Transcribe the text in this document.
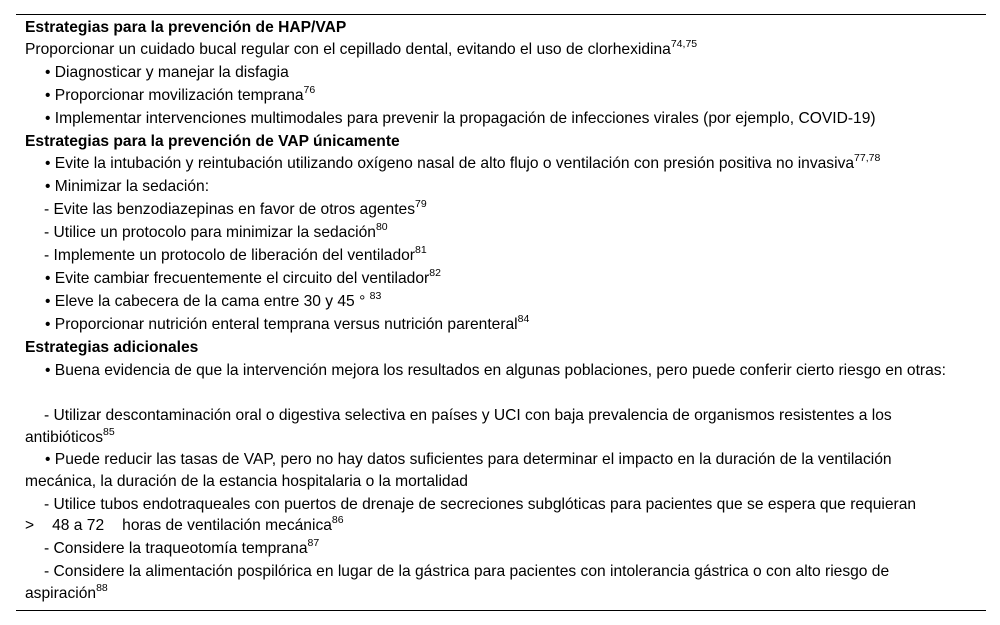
Estrategias para la prevención de HAP/VAP
Proporcionar un cuidado bucal regular con el cepillado dental, evitando el uso de clorhexidina$^{74,75}$
• Diagnosticar y manejar la disfagia
• Proporcionar movilización temprana$^{76}$
• Implementar intervenciones multimodales para prevenir la propagación de infecciones virales (por ejemplo, COVID-19)
Estrategias para la prevención de VAP únicamente
• Evite la intubación y reintubación utilizando oxígeno nasal de alto flujo o ventilación con presión positiva no invasiva$^{77,78}$
• Minimizar la sedación:
- Evite las benzodiazepinas en favor de otros agentes$^{79}$
- Utilice un protocolo para minimizar la sedación$^{80}$
- Implemente un protocolo de liberación del ventilador$^{81}$
• Evite cambiar frecuentemente el circuito del ventilador$^{82}$
• Eleve la cabecera de la cama entre 30 y 45 ° $^{83}$
• Proporcionar nutrición enteral temprana versus nutrición parenteral$^{84}$
Estrategias adicionales
• Buena evidencia de que la intervención mejora los resultados en algunas poblaciones, pero puede conferir cierto riesgo en otras:
- Utilizar descontaminación oral o digestiva selectiva en países y UCI con baja prevalencia de organismos resistentes a los antibióticos$^{85}$
• Puede reducir las tasas de VAP, pero no hay datos suficientes para determinar el impacto en la duración de la ventilación mecánica, la duración de la estancia hospitalaria o la mortalidad
- Utilice tubos endotraqueales con puertos de drenaje de secreciones subglóticas para pacientes que se espera que requieran
> 48 a 72 horas de ventilación mecánica$^{86}$
- Considere la traqueotomía temprana$^{87}$
- Considere la alimentación pospilórica en lugar de la gástrica para pacientes con intolerancia gástrica o con alto riesgo de aspiración$^{88}$
